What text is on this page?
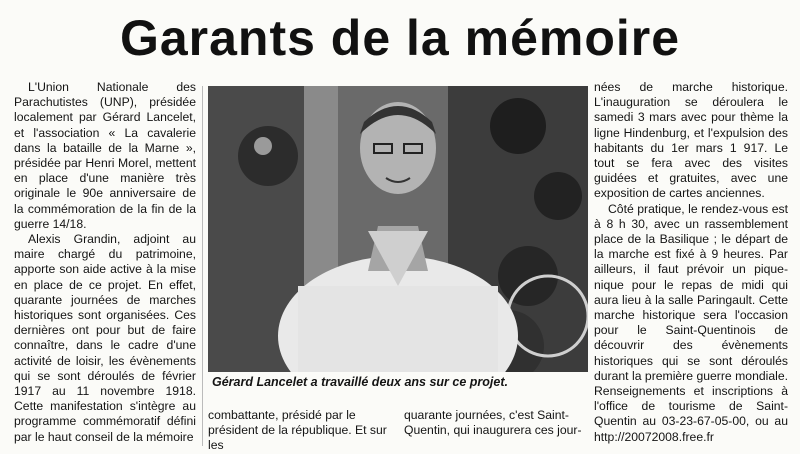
Garants de la mémoire

L'Union Nationale des Parachutistes (UNP), présidée localement par Gérard Lancelet, et l'association « La cavalerie dans la bataille de la Marne », présidée par Henri Morel, mettent en place d'une manière très originale le 90e anniversaire de la commémoration de la fin de la guerre 14/18.

Alexis Grandin, adjoint au maire chargé du patrimoine, apporte son aide active à la mise en place de ce projet. En effet, quarante journées de marches historiques sont organisées. Ces dernières ont pour but de faire connaître, dans le cadre d'une activité de loisir, les évènements qui se sont déroulés de février 1917 au 11 novembre 1918. Cette manifestation s'intègre au programme commémoratif défini par le haut conseil de la mémoire

Gérard Lancelet a travaillé deux ans sur ce projet.

combattante, présidé par le président de la république. Et sur les

quarante journées, c'est Saint-Quentin, qui inaugurera ces jour-

nées de marche historique. L'inauguration se déroulera le samedi 3 mars avec pour thème la ligne Hindenburg, et l'expulsion des habitants du 1er mars 1 917. Le tout se fera avec des visites guidées et gratuites, avec une exposition de cartes anciennes.

Côté pratique, le rendez-vous est à 8 h 30, avec un rassemblement place de la Basilique ; le départ de la marche est fixé à 9 heures. Par ailleurs, il faut prévoir un pique-nique pour le repas de midi qui aura lieu à la salle Paringault. Cette marche historique sera l'occasion pour le Saint-Quentinois de découvrir des évènements historiques qui se sont déroulés durant la première guerre mondiale. Renseignements et inscriptions à l'office de tourisme de Saint-Quentin au 03-23-67-05-00, ou au http://20072008.free.fr
